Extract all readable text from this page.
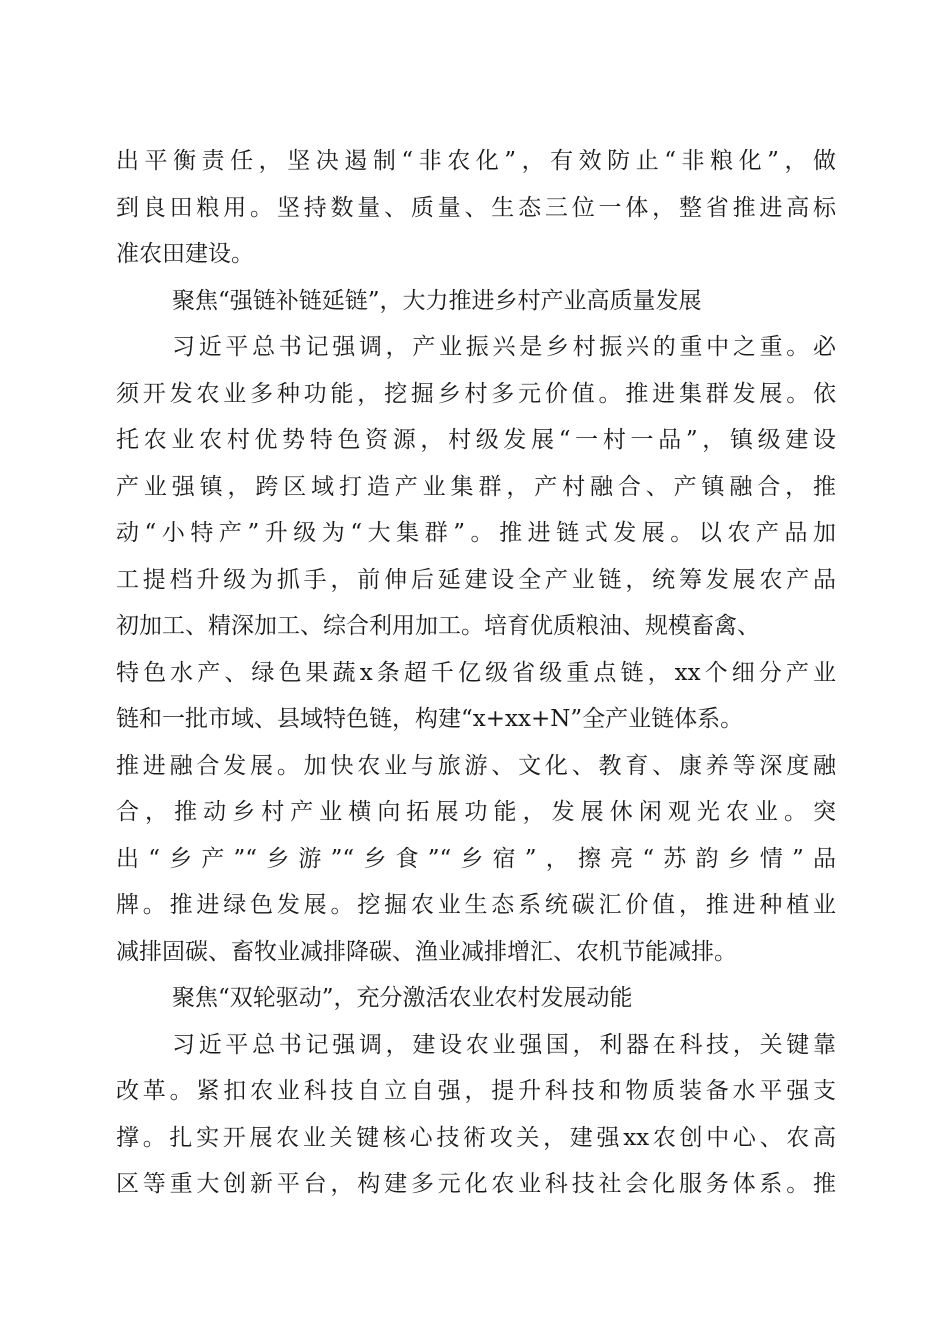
出平衡责任，坚决遏制“非农化”，有效防止“非粮化”，做
到良田粮用。坚持数量、质量、生态三位一体，整省推进高标
准农田建设。
聚焦“强链补链延链”，大力推进乡村产业高质量发展
习近平总书记强调，产业振兴是乡村振兴的重中之重。必
须开发农业多种功能，挖掘乡村多元价值。推进集群发展。依
托农业农村优势特色资源，村级发展“一村一品”，镇级建设
产业强镇，跨区域打造产业集群，产村融合、产镇融合，推
动“小特产”升级为“大集群”。推进链式发展。以农产品加
工提档升级为抓手，前伸后延建设全产业链，统筹发展农产品
初加工、精深加工、综合利用加工。培育优质粮油、规模畜禽、
特色水产、绿色果蔬x条超千亿级省级重点链，xx个细分产业
链和一批市域、县域特色链，构建“x+xx+N”全产业链体系。
推进融合发展。加快农业与旅游、文化、教育、康养等深度融
合，推动乡村产业横向拓展功能，发展休闲观光农业。突
出“乡产”“乡游”“乡食”“乡宿”，擦亮“苏韵乡情”品
牌。推进绿色发展。挖掘农业生态系统碳汇价值，推进种植业
减排固碳、畜牧业减排降碳、渔业减排增汇、农机节能减排。
聚焦“双轮驱动”，充分激活农业农村发展动能
习近平总书记强调，建设农业强国，利器在科技，关键靠
改革。紧扣农业科技自立自强，提升科技和物质装备水平强支
撑。扎实开展农业关键核心技術攻关，建强xx农创中心、农高
区等重大创新平台，构建多元化农业科技社会化服务体系。推
